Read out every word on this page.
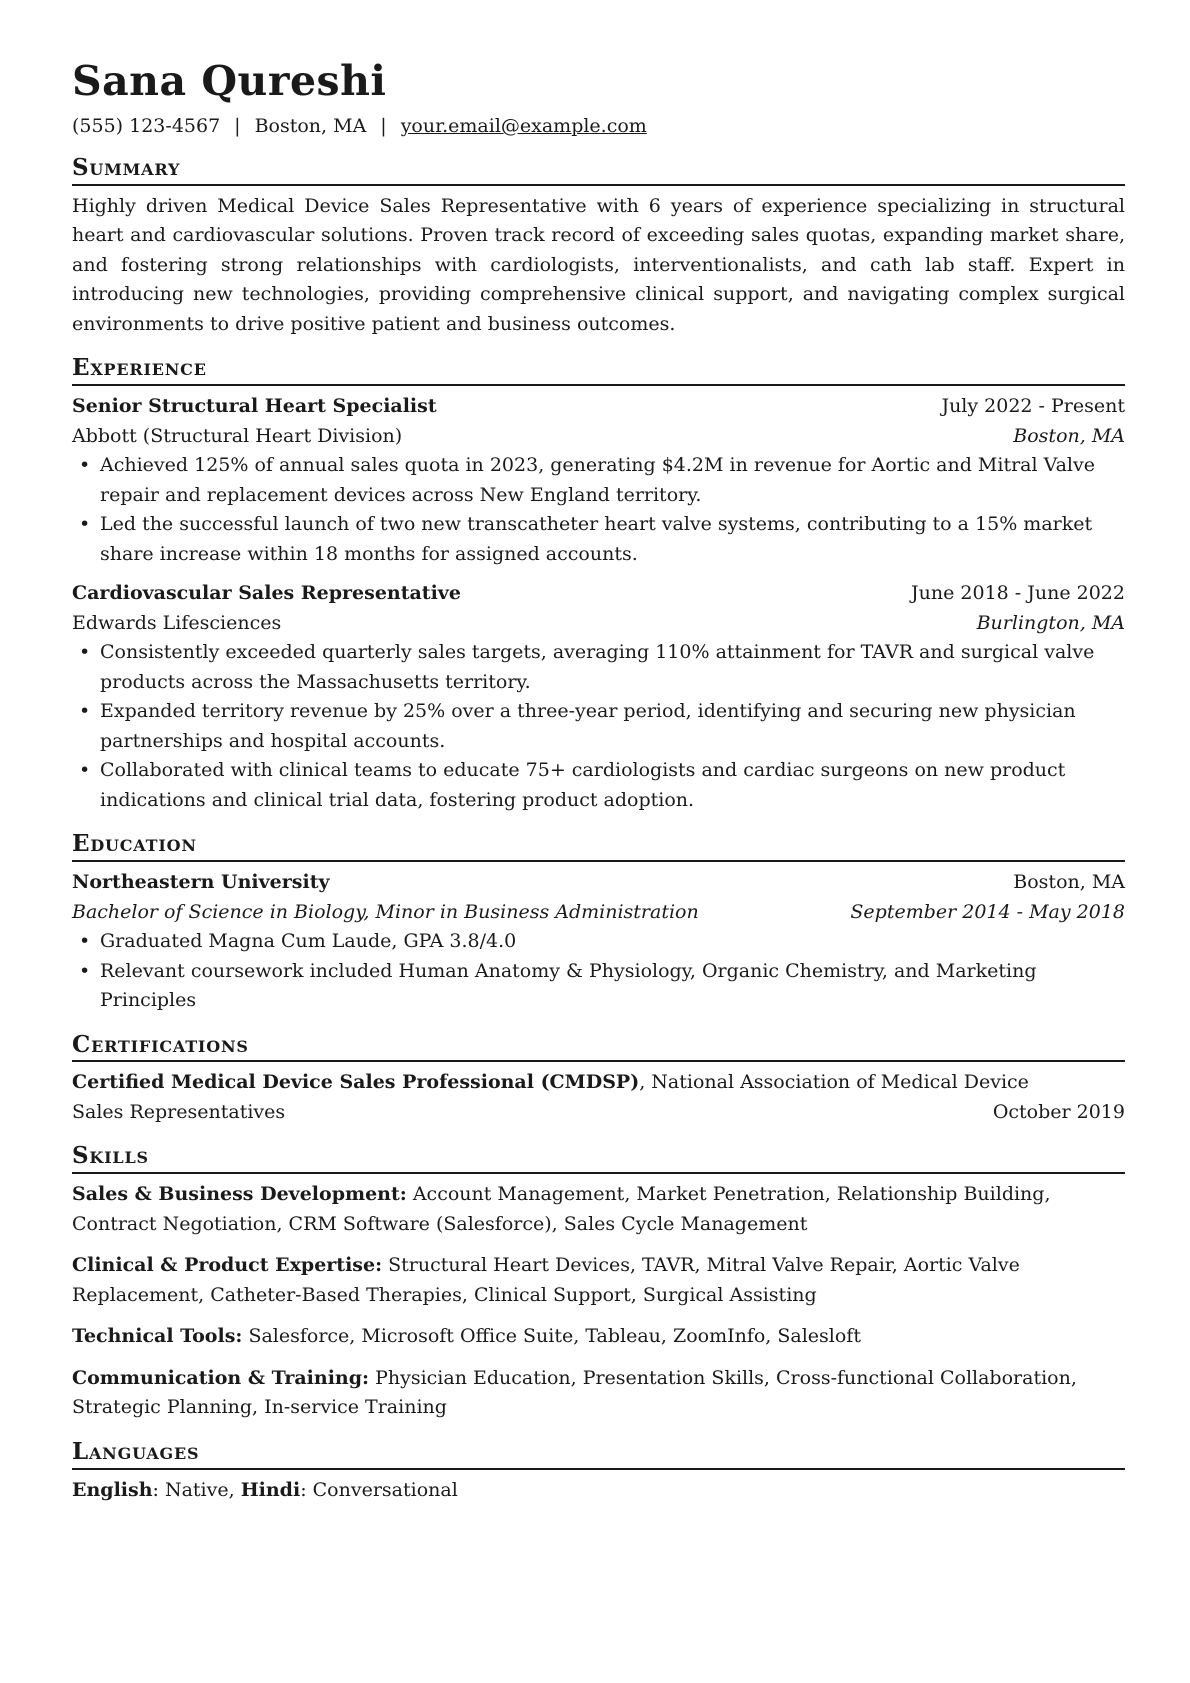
Sana Qureshi
(555) 123-4567 | Boston, MA | your.email@example.com
Summary
Highly driven Medical Device Sales Representative with 6 years of experience specializing in structural heart and cardiovascular solutions. Proven track record of exceeding sales quotas, expanding market share, and fostering strong relationships with cardiologists, interventionalists, and cath lab staff. Expert in introducing new technologies, providing comprehensive clinical support, and navigating complex surgical environments to drive positive patient and business outcomes.
Experience
Senior Structural Heart Specialist	July 2022 - Present
Abbott (Structural Heart Division)	Boston, MA
• Achieved 125% of annual sales quota in 2023, generating $4.2M in revenue for Aortic and Mitral Valve repair and replacement devices across New England territory.
• Led the successful launch of two new transcatheter heart valve systems, contributing to a 15% market share increase within 18 months for assigned accounts.
Cardiovascular Sales Representative	June 2018 - June 2022
Edwards Lifesciences	Burlington, MA
• Consistently exceeded quarterly sales targets, averaging 110% attainment for TAVR and surgical valve products across the Massachusetts territory.
• Expanded territory revenue by 25% over a three-year period, identifying and securing new physician partnerships and hospital accounts.
• Collaborated with clinical teams to educate 75+ cardiologists and cardiac surgeons on new product indications and clinical trial data, fostering product adoption.
Education
Northeastern University	Boston, MA
Bachelor of Science in Biology, Minor in Business Administration	September 2014 - May 2018
• Graduated Magna Cum Laude, GPA 3.8/4.0
• Relevant coursework included Human Anatomy & Physiology, Organic Chemistry, and Marketing Principles
Certifications
Certified Medical Device Sales Professional (CMDSP), National Association of Medical Device
Sales Representatives	October 2019
Skills
Sales & Business Development: Account Management, Market Penetration, Relationship Building, Contract Negotiation, CRM Software (Salesforce), Sales Cycle Management
Clinical & Product Expertise: Structural Heart Devices, TAVR, Mitral Valve Repair, Aortic Valve Replacement, Catheter-Based Therapies, Clinical Support, Surgical Assisting
Technical Tools: Salesforce, Microsoft Office Suite, Tableau, ZoomInfo, Salesloft
Communication & Training: Physician Education, Presentation Skills, Cross-functional Collaboration, Strategic Planning, In-service Training
Languages
English: Native, Hindi: Conversational
